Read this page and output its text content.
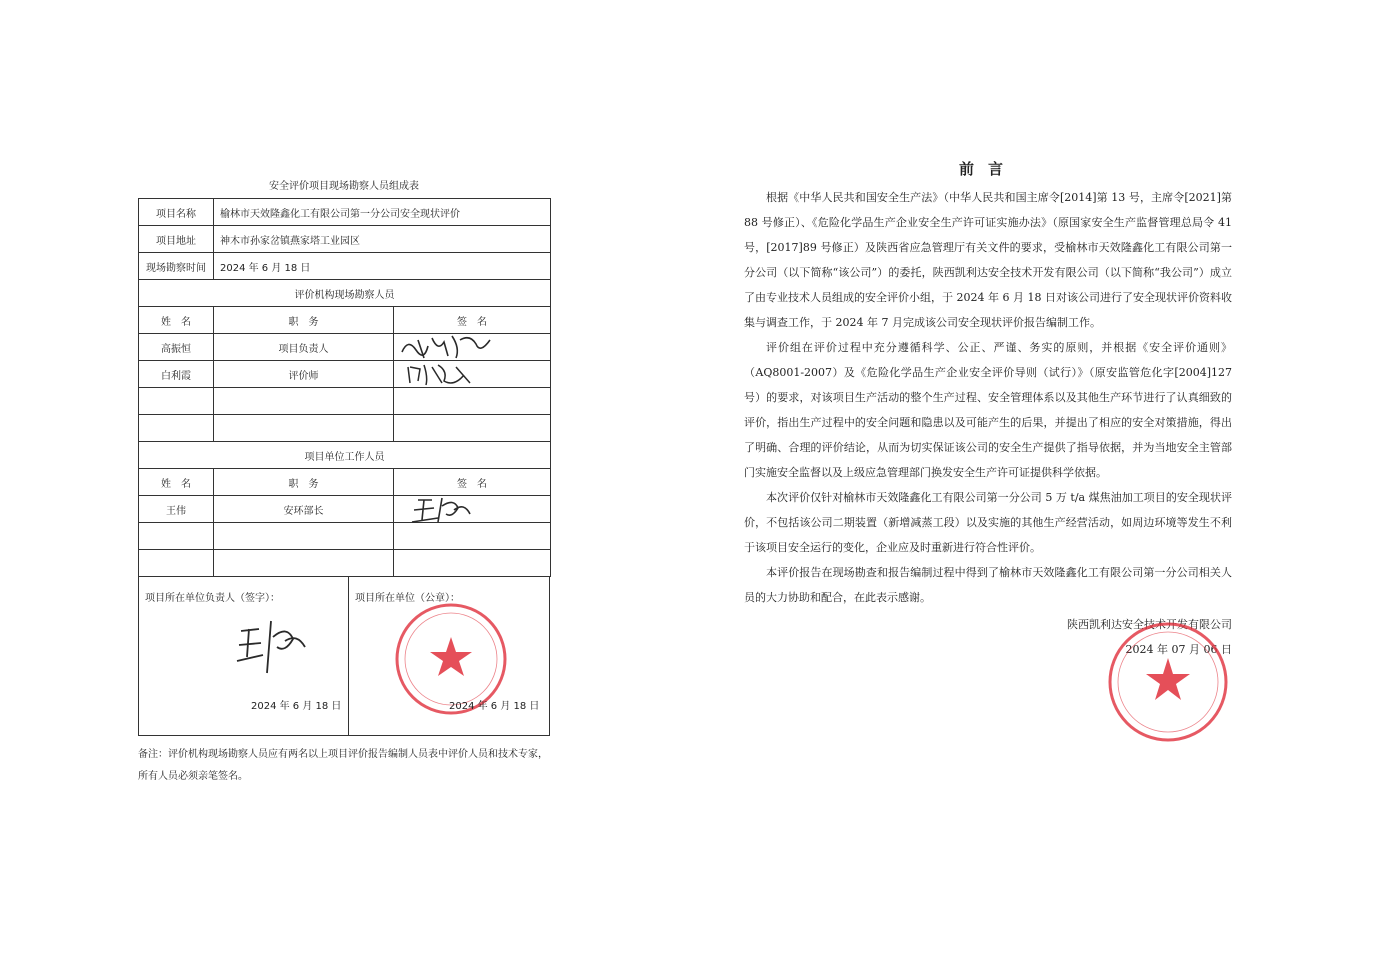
安全评价项目现场勘察人员组成表
项目名称	榆林市天效隆鑫化工有限公司第一分公司安全现状评价	
项目地址	神木市孙家岔镇燕家塔工业园区	
现场勘察时间	2024 年 6 月 18 日	
评价机构现场勘察人员		
姓　名	职　务	签　名
高振恒	项目负责人	

白利霞	评价师	

项目单位工作人员		
姓　名	职　务	签　名
王伟	安环部长	

项目所在单位负责人（签字）：
2024 年 6 月 18 日
项目所在单位（公章）：
2024 年 6 月 18 日
备注：评价机构现场勘察人员应有两名以上项目评价报告编制人员表中评价人员和技术专家，所有人员必须亲笔签名。
前言

根据《中华人民共和国安全生产法》（中华人民共和国主席令[2014]第 13 号，主席令[2021]第 88 号修正）、《危险化学品生产企业安全生产许可证实施办法》（原国家安全生产监督管理总局令 41 号，[2017]89 号修正）及陕西省应急管理厅有关文件的要求，受榆林市天效隆鑫化工有限公司第一分公司（以下简称“该公司”）的委托，陕西凯利达安全技术开发有限公司（以下简称“我公司”）成立了由专业技术人员组成的安全评价小组，于 2024 年 6 月 18 日对该公司进行了安全现状评价资料收集与调查工作，于 2024 年 7 月完成该公司安全现状评价报告编制工作。

评价组在评价过程中充分遵循科学、公正、严谨、务实的原则，并根据《安全评价通则》（AQ8001-2007）及《危险化学品生产企业安全评价导则（试行）》（原安监管危化字[2004]127 号）的要求，对该项目生产活动的整个生产过程、安全管理体系以及其他生产环节进行了认真细致的评价，指出生产过程中的安全问题和隐患以及可能产生的后果，并提出了相应的安全对策措施，得出了明确、合理的评价结论，从而为切实保证该公司的安全生产提供了指导依据，并为当地安全主管部门实施安全监督以及上级应急管理部门换发安全生产许可证提供科学依据。

本次评价仅针对榆林市天效隆鑫化工有限公司第一分公司 5 万 t/a 煤焦油加工项目的安全现状评价，不包括该公司二期装置（新增减蒸工段）以及实施的其他生产经营活动，如周边环境等发生不利于该项目安全运行的变化，企业应及时重新进行符合性评价。

本评价报告在现场勘查和报告编制过程中得到了榆林市天效隆鑫化工有限公司第一分公司相关人员的大力协助和配合，在此表示感谢。

陕西凯利达安全技术开发有限公司
2024 年 07 月 06 日
